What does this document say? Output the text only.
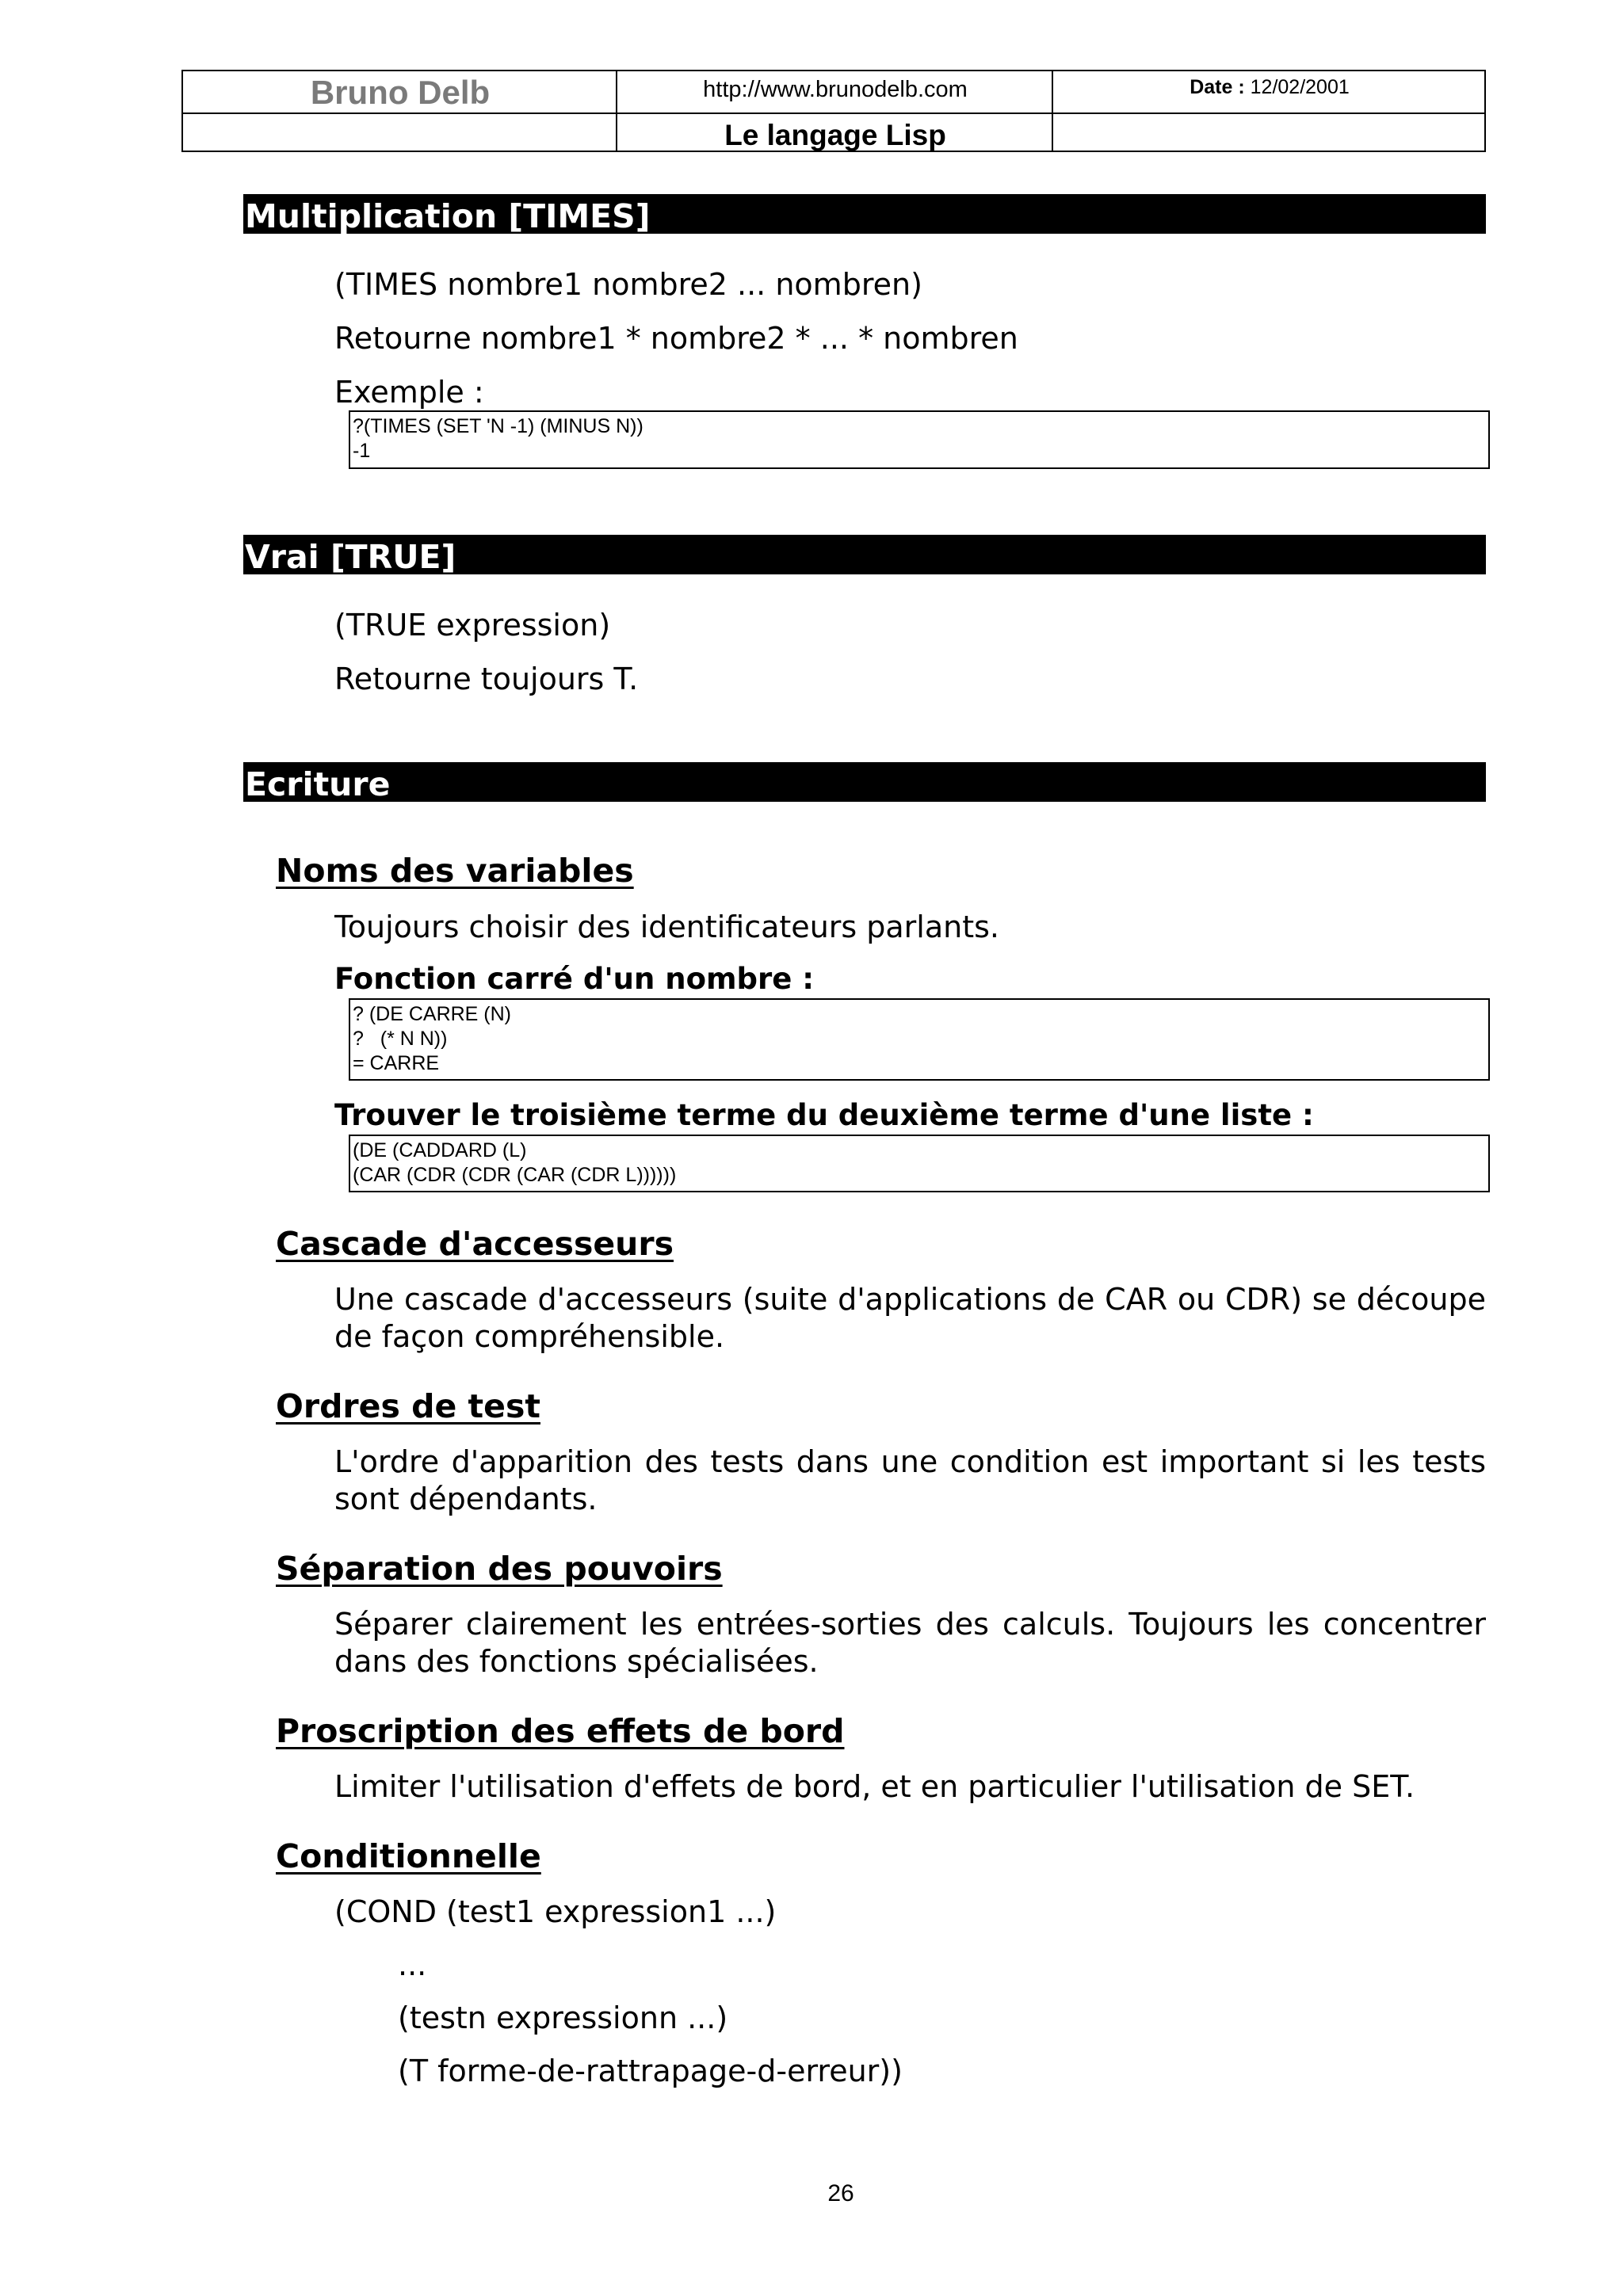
Bruno Delb	http://www.brunodelb.com	Date : 12/02/2001
Le langage Lisp
Multiplication [TIMES]
(TIMES nombre1 nombre2 ... nombren)
Retourne nombre1 * nombre2 * ... * nombren
Exemple :
?(TIMES (SET 'N -1) (MINUS N))
-1
Vrai [TRUE]
(TRUE expression)
Retourne toujours T.
Ecriture
Noms des variables
Toujours choisir des identificateurs parlants.
Fonction carré d'un nombre :
? (DE CARRE (N)
?   (* N N))
= CARRE
Trouver le troisième terme du deuxième terme d'une liste :
(DE (CADDARD (L)
(CAR (CDR (CDR (CAR (CDR L))))))
Cascade d'accesseurs
Une cascade d'accesseurs (suite d'applications de CAR ou CDR) se découpe
de façon compréhensible.
Ordres de test
L'ordre d'apparition des tests dans une condition est important si les tests
sont dépendants.
Séparation des pouvoirs
Séparer clairement les entrées-sorties des calculs. Toujours les concentrer
dans des fonctions spécialisées.
Proscription des effets de bord
Limiter l'utilisation d'effets de bord, et en particulier l'utilisation de SET.
Conditionnelle
(COND (test1 expression1 ...)
...
(testn expressionn ...)
(T forme-de-rattrapage-d-erreur))
26
